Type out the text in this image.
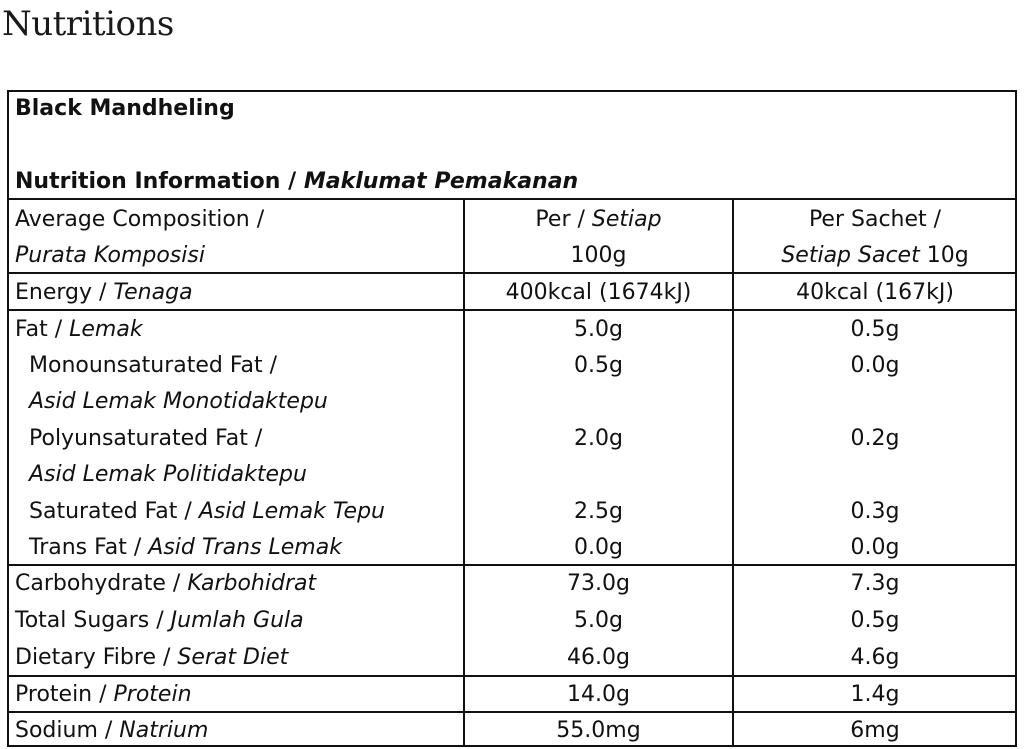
Nutritions
Black Mandheling
Nutrition Information / Maklumat Pemakanan
Average Composition /	Per / Setiap	Per Sachet /
Purata Komposisi	100g	Setiap Sacet 10g
Energy / Tenaga	400kcal (1674kJ)	40kcal (167kJ)
Fat / Lemak	5.0g	0.5g
Monounsaturated Fat /	0.5g	0.0g
Asid Lemak Monotidaktepu
Polyunsaturated Fat /	2.0g	0.2g
Asid Lemak Politidaktepu
Saturated Fat / Asid Lemak Tepu	2.5g	0.3g
Trans Fat / Asid Trans Lemak	0.0g	0.0g
Carbohydrate / Karbohidrat	73.0g	7.3g
Total Sugars / Jumlah Gula	5.0g	0.5g
Dietary Fibre / Serat Diet	46.0g	4.6g
Protein / Protein	14.0g	1.4g
Sodium / Natrium	55.0mg	6mg
